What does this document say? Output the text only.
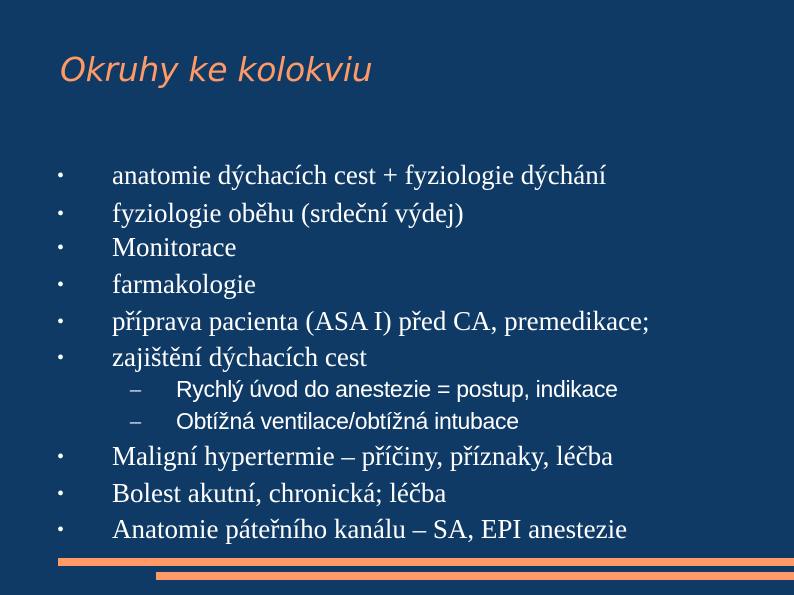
Okruhy ke kolokviu
• anatomie dýchacích cest + fyziologie dýchání
• fyziologie oběhu (srdeční výdej)
• Monitorace
• farmakologie
• příprava pacienta (ASA I) před CA, premedikace;
• zajištění dýchacích cest
– Rychlý úvod do anestezie = postup, indikace
– Obtížná ventilace/obtížná intubace
• Maligní hypertermie – příčiny, příznaky, léčba
• Bolest akutní, chronická; léčba
• Anatomie páteřního kanálu – SA, EPI anestezie
